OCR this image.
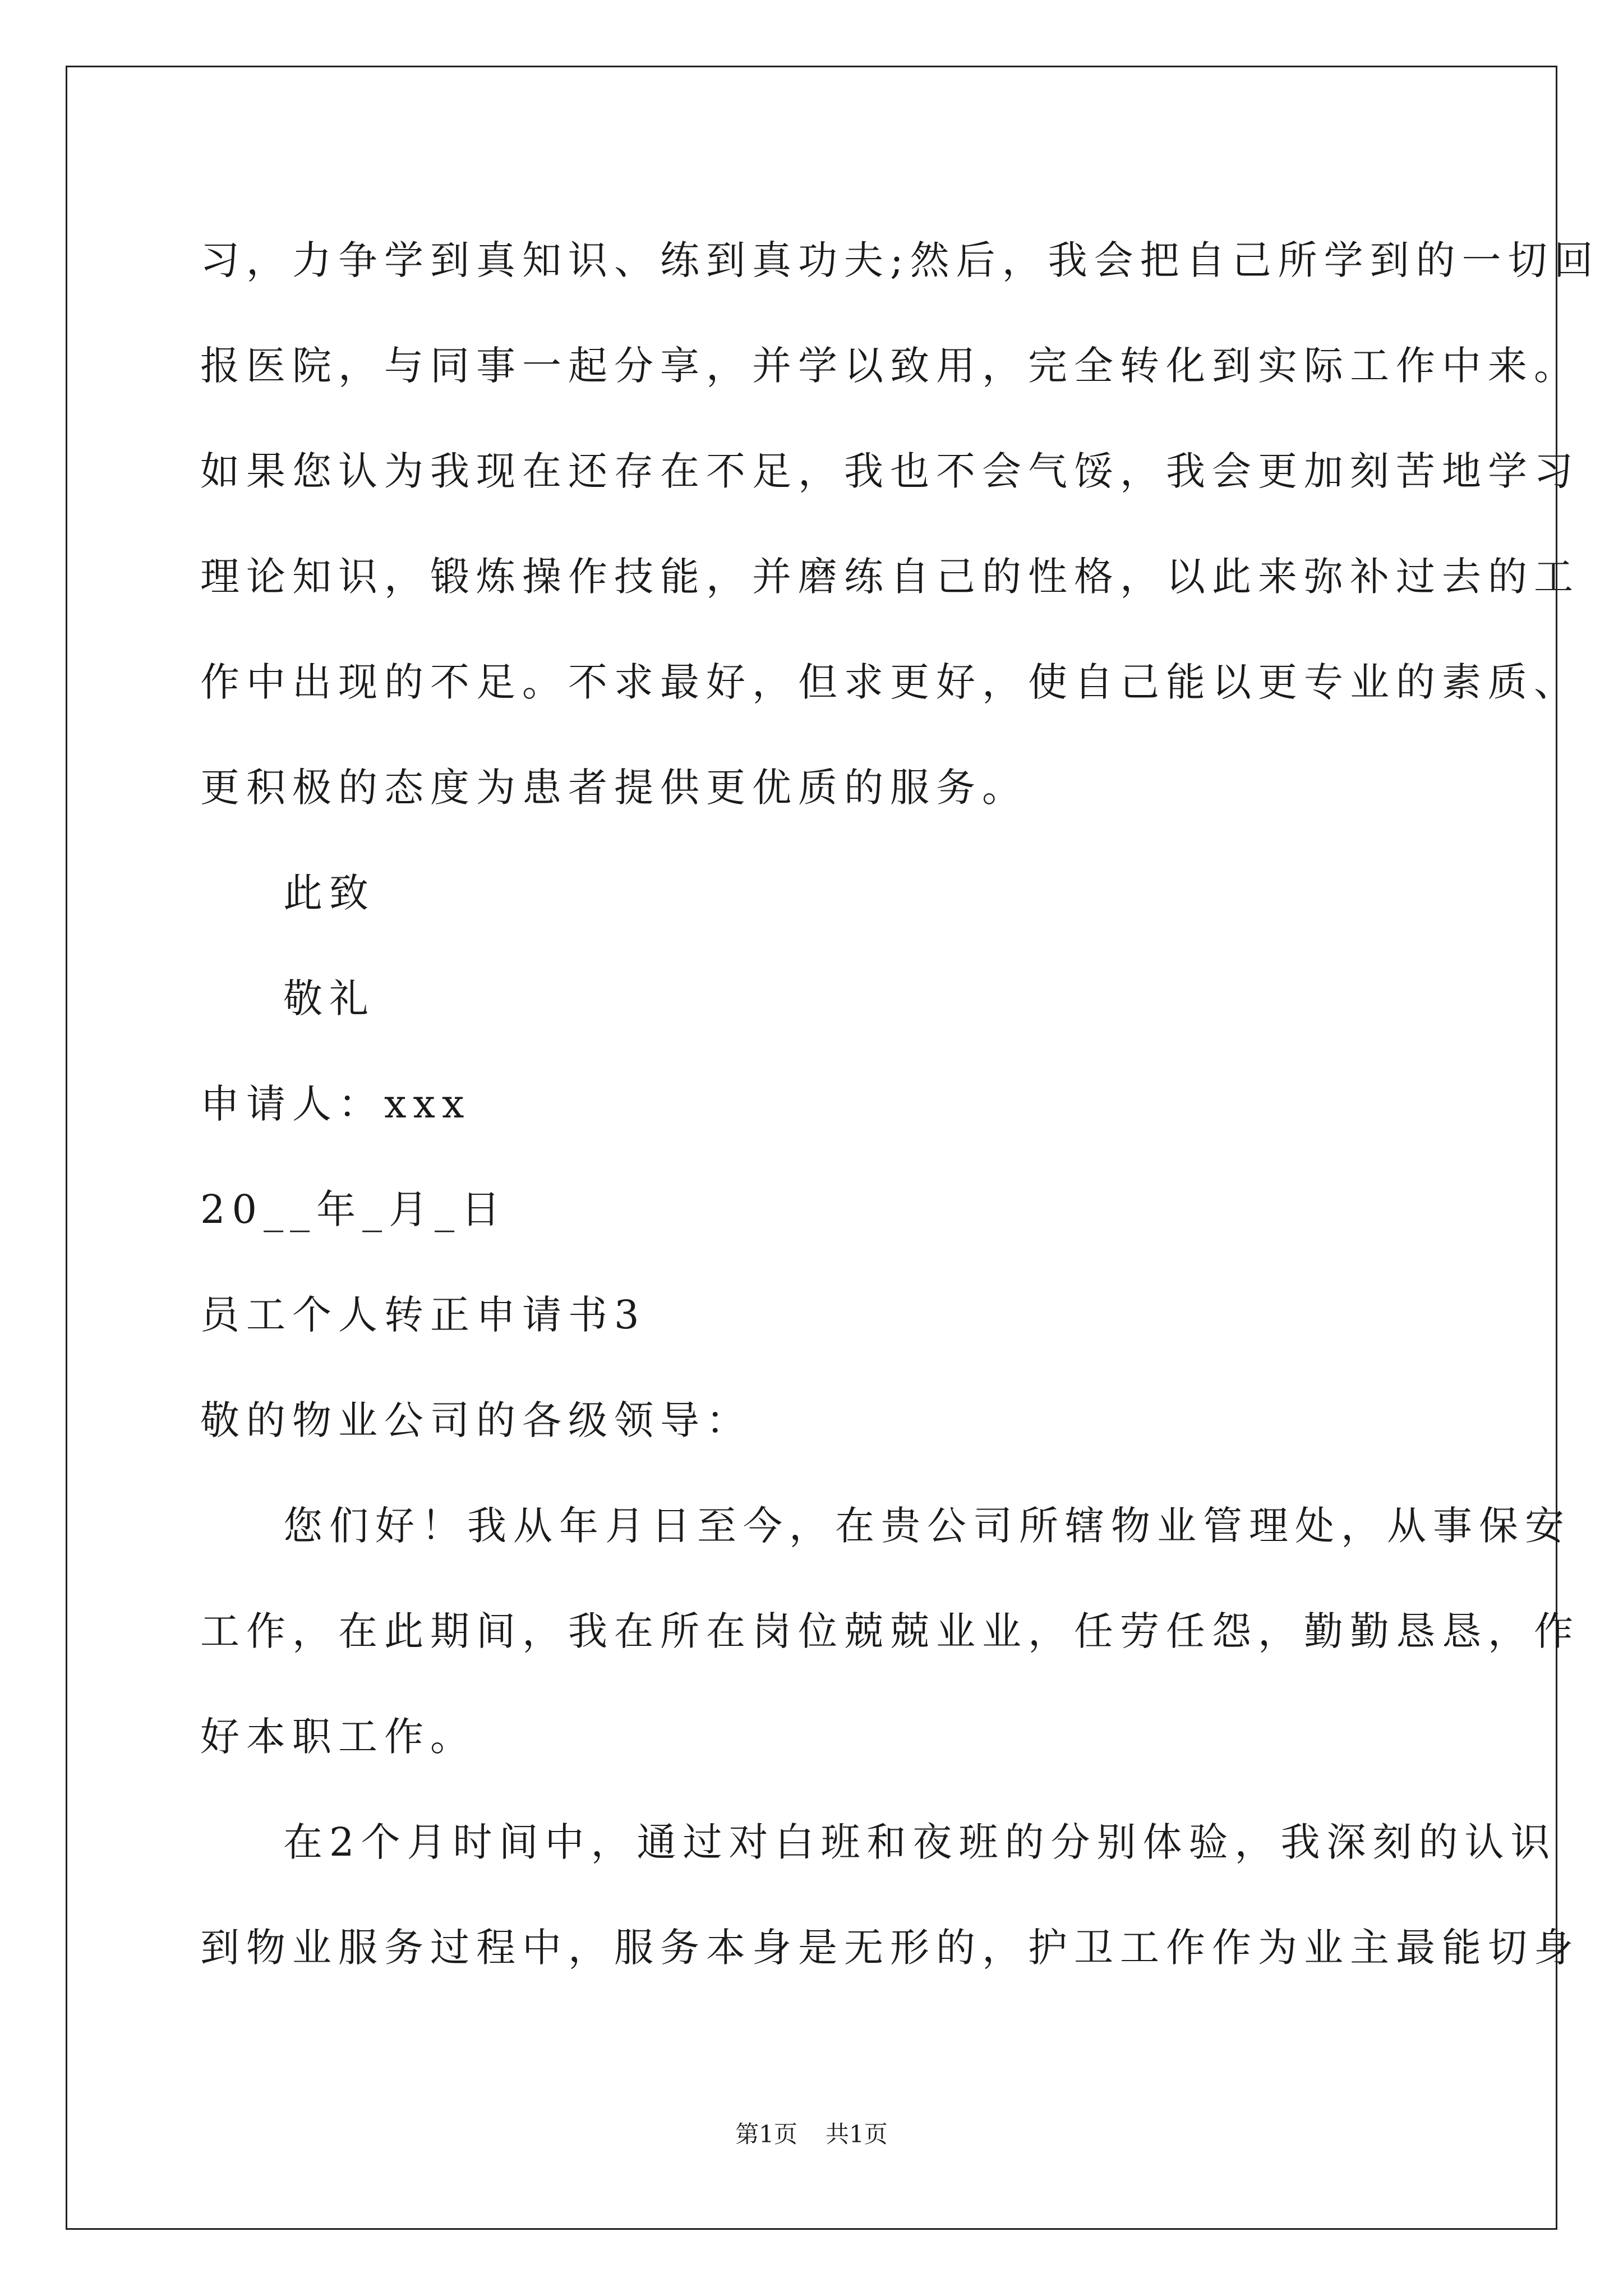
习，力争学到真知识、练到真功夫;然后，我会把自己所学到的一切回
报医院，与同事一起分享，并学以致用，完全转化到实际工作中来。
如果您认为我现在还存在不足，我也不会气馁，我会更加刻苦地学习
理论知识，锻炼操作技能，并磨练自己的性格，以此来弥补过去的工
作中出现的不足。不求最好，但求更好，使自己能以更专业的素质、
更积极的态度为患者提供更优质的服务。
此致
敬礼
申请人：xxx
20__年_月_日
员工个人转正申请书3
敬的物业公司的各级领导：
您们好！我从年月日至今，在贵公司所辖物业管理处，从事保安
工作，在此期间，我在所在岗位兢兢业业，任劳任怨，勤勤恳恳，作
好本职工作。
在2个月时间中，通过对白班和夜班的分别体验，我深刻的认识
到物业服务过程中，服务本身是无形的，护卫工作作为业主最能切身
第1页 共1页
